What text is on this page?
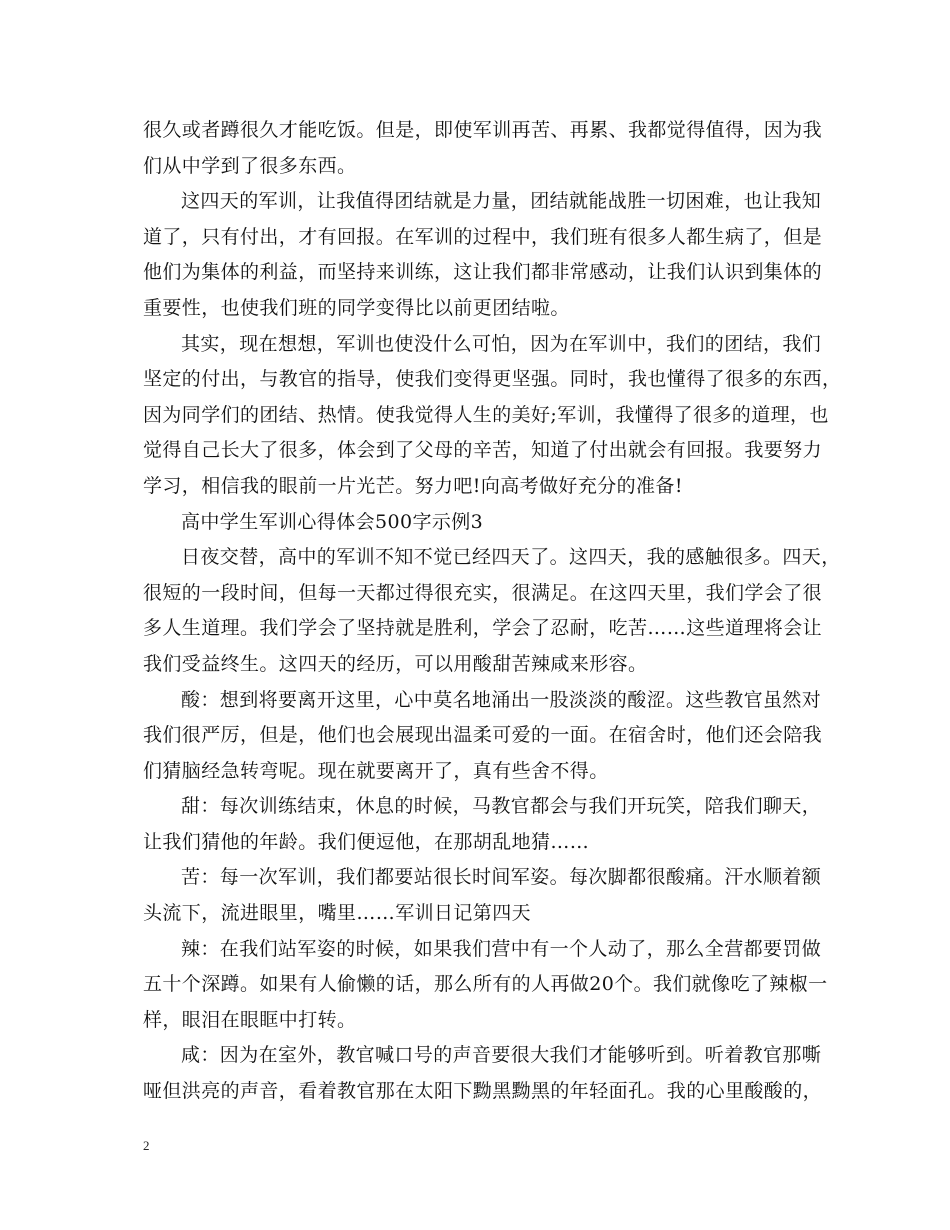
很久或者蹲很久才能吃饭。但是，即使军训再苦、再累、我都觉得值得，因为我
们从中学到了很多东西。
这四天的军训，让我值得团结就是力量，团结就能战胜一切困难，也让我知
道了，只有付出，才有回报。在军训的过程中，我们班有很多人都生病了，但是
他们为集体的利益，而坚持来训练，这让我们都非常感动，让我们认识到集体的
重要性，也使我们班的同学变得比以前更团结啦。
其实，现在想想，军训也使没什么可怕，因为在军训中，我们的团结，我们
坚定的付出，与教官的指导，使我们变得更坚强。同时，我也懂得了很多的东西，
因为同学们的团结、热情。使我觉得人生的美好;军训，我懂得了很多的道理，也
觉得自己长大了很多，体会到了父母的辛苦，知道了付出就会有回报。我要努力
学习，相信我的眼前一片光芒。努力吧!向高考做好充分的准备!
高中学生军训心得体会500字示例3
日夜交替，高中的军训不知不觉已经四天了。这四天，我的感触很多。四天，
很短的一段时间，但每一天都过得很充实，很满足。在这四天里，我们学会了很
多人生道理。我们学会了坚持就是胜利，学会了忍耐，吃苦……这些道理将会让
我们受益终生。这四天的经历，可以用酸甜苦辣咸来形容。
酸：想到将要离开这里，心中莫名地涌出一股淡淡的酸涩。这些教官虽然对
我们很严厉，但是，他们也会展现出温柔可爱的一面。在宿舍时，他们还会陪我
们猜脑经急转弯呢。现在就要离开了，真有些舍不得。
甜：每次训练结束，休息的时候，马教官都会与我们开玩笑，陪我们聊天，
让我们猜他的年龄。我们便逗他，在那胡乱地猜……
苦：每一次军训，我们都要站很长时间军姿。每次脚都很酸痛。汗水顺着额
头流下，流进眼里，嘴里……军训日记第四天
辣：在我们站军姿的时候，如果我们营中有一个人动了，那么全营都要罚做
五十个深蹲。如果有人偷懒的话，那么所有的人再做20个。我们就像吃了辣椒一
样，眼泪在眼眶中打转。
咸：因为在室外，教官喊口号的声音要很大我们才能够听到。听着教官那嘶
哑但洪亮的声音，看着教官那在太阳下黝黑黝黑的年轻面孔。我的心里酸酸的，
2
